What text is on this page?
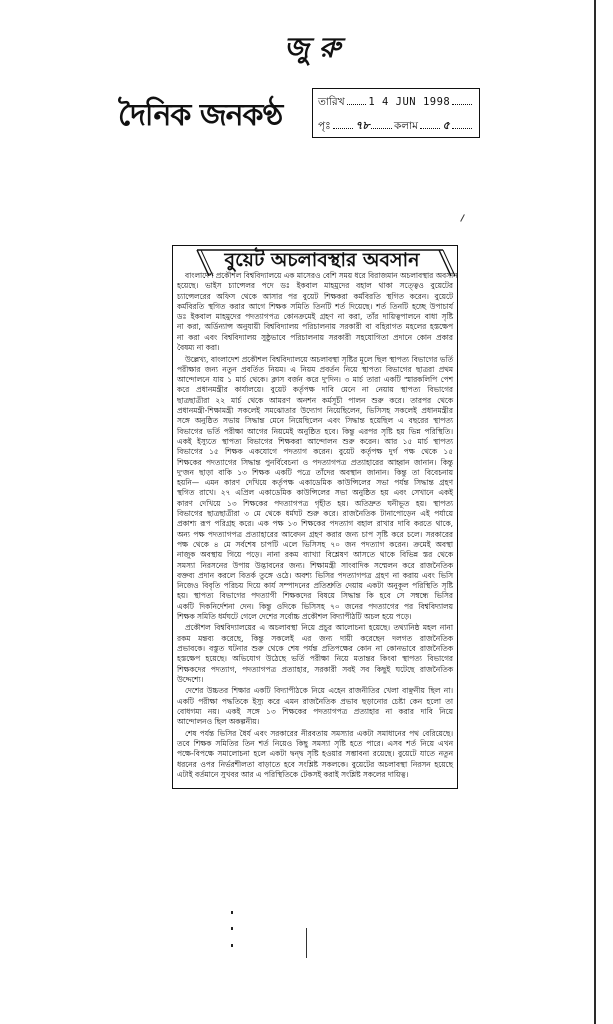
জু রু
দৈনিক জনকণ্ঠ	তারিখ 1 4 JUN 1998
পৃঃ ৭৮ কলাম ৫
বুয়েট অচলাবস্থার অবসান
বাংলাদেশ প্রকৌশল বিশ্ববিদ্যালয়ে এক মাসেরও বেশি সময় ধরে বিরাজমান অচলাবস্থার অবসান
হয়েছে। ভাইস চ্যান্সেলর পদে ডঃ ইকবাল মাহমুদের বহাল থাকা সত্ত্বেও বুয়েটের
চ্যান্সেলরের অফিস থেকে আসার পর বুয়েট শিক্ষকরা কর্মবিরতি স্থগিত করেন। বুয়েটে
কর্মবিরতি স্থগিত করার আগে শিক্ষক সমিতি তিনটি শর্ত দিয়েছে। শর্ত তিনটি হচ্ছে উপাচার্য
ডঃ ইকবাল মাহমুদের পদত্যাগপত্র কোনক্রমেই গ্রহণ না করা, তাঁর দায়িত্বপালনে বাধা সৃষ্টি
না করা, অর্ডিন্যান্স অনুযায়ী বিশ্ববিদ্যালয় পরিচালনায় সরকারী বা বহিরাগত মহলের হস্তক্ষেপ
না করা এবং বিশ্ববিদ্যালয় সুষ্ঠুভাবে পরিচালনায় সরকারী সহযোগিতা প্রদানে কোন প্রকার
বৈষম্য না করা।
উল্লেখ্য, বাংলাদেশ প্রকৌশল বিশ্ববিদ্যালয়ে অচলাবস্থা সৃষ্টির মূলে ছিল স্থাপত্য বিভাগের ভর্তি
পরীক্ষার জন্য নতুন প্রবর্তিত নিয়ম। এ নিয়ম প্রবর্তন নিয়ে স্থাপত্য বিভাগের ছাত্ররা প্রথম
আন্দোলনে যায় ১ মার্চ থেকে। ক্লাস বর্জন করে দু'দিন। ৩ মার্চ তারা একটি স্মারকলিপি পেশ
করে প্রধানমন্ত্রীর কার্যালয়ে। বুয়েট কর্তৃপক্ষ দাবি মেনে না নেয়ায় স্থাপত্য বিভাগের
ছাত্রছাত্রীরা ২২ মার্চ থেকে আমরণ অনশন কর্মসূচী পালন শুরু করে। তারপর থেকে
প্রধানমন্ত্রী-শিক্ষামন্ত্রী সকলেই সমঝোতার উদ্যোগ নিয়েছিলেন, ভিসিসহ সকলেই প্রধানমন্ত্রীর
সঙ্গে অনুষ্ঠিত সভায় সিদ্ধান্ত মেনে নিয়েছিলেন এবং সিদ্ধান্ত হয়েছিল এ বছরের স্থাপত্য
বিভাগের ভর্তি পরীক্ষা আগের নিয়মেই অনুষ্ঠিত হবে। কিন্তু এরপর সৃষ্টি হয় ভিন্ন পরিস্থিতি।
একই ইস্যুতে স্থাপত্য বিভাগের শিক্ষকরা আন্দোলন শুরু করেন। আর ১৫ মার্চ স্থাপত্য
বিভাগের ১৫ শিক্ষক একযোগে পদত্যাগ করেন। বুয়েট কর্তৃপক্ষ দুর্গ পক্ষ থেকে ১৫
শিক্ষকের পদত্যাগের সিদ্ধান্ত পুনর্বিবেচনা ও পদত্যাগপত্র প্রত্যাহারের আহ্বান জানান। কিন্তু
দু'জন ছাড়া বাকি ১৩ শিক্ষক একটি পত্রে তাঁদের অবস্থান জানান। কিন্তু তা বিবেচনায়
হয়নি— এমন কারণ দেখিয়ে কর্তৃপক্ষ একাডেমিক কাউন্সিলের সভা পর্যন্ত সিদ্ধান্ত গ্রহণ
স্থগিত রাখে। ২৭ এপ্রিল একাডেমিক কাউন্সিলের সভা অনুষ্ঠিত হয় এবং সেখানে একই
কারণ দেখিয়ে ১৩ শিক্ষকের পদত্যাগপত্র গৃহীত হয়। অতিদ্রুত ঘনীভূত হয়। স্থাপত্য
বিভাগের ছাত্রছাত্রীরা ৩ মে থেকে ধর্মঘট শুরু করে। রাজনৈতিক টানাপোড়েন এই পর্যায়ে
প্রকাশ্য রূপ পরিগ্রহ করে। এক পক্ষ ১৩ শিক্ষকের পদত্যাগ বহাল রাখার দাবি করতে থাকে,
অন্য পক্ষ পদত্যাগপত্র প্রত্যাহারের আবেদন গ্রহণ করার জন্য চাপ সৃষ্টি করে চলে। সরকারের
পক্ষ থেকে ৪ মে সর্বশেষ চাপটি এলে ভিসিসহ ৭০ জন পদত্যাগ করেন। ক্রমেই অবস্থা
নাজুক অবস্থায় গিয়ে পড়ে। নানা রকম ব্যাখ্যা বিশ্লেষণ আসতে থাকে বিভিন্ন স্তর থেকে
সমস্যা নিরসনের উপায় উদ্ভাবনের জন্য। শিক্ষামন্ত্রী সাংবাদিক সম্মেলন করে রাজনৈতিক
বক্তব্য প্রদান করলে বিতর্ক তুঙ্গে ওঠে। অবশ্য ভিসির পদত্যাগপত্র গ্রহণ না করায় এবং ভিসি
নিজেও বিবৃতি পরিচয় দিয়ে কার্য সম্পাদনের প্রতিশ্রুতি দেয়ায় একটা অনুকূল পরিস্থিতি সৃষ্টি
হয়। স্থাপত্য বিভাগের পদত্যাগী শিক্ষকদের বিষয়ে সিদ্ধান্ত কি হবে সে সম্বন্ধে ভিসির
একটি দিকনির্দেশনা দেন। কিন্তু ওদিকে ভিসিসহ ৭০ জনের পদত্যাগের পর বিশ্ববিদ্যালয়
শিক্ষক সমিতি ধর্মঘটে গেলে দেশের সর্বোচ্চ প্রকৌশল বিদ্যাপীঠটি অচল হয়ে পড়ে।
প্রকৌশল বিশ্ববিদ্যালয়ের এ অচলাবস্থা নিয়ে প্রচুর আলোচনা হয়েছে। তথ্যানিষ্ঠ মহল নানা
রকম মন্তব্য করেছে, কিন্তু সকলেই এর জন্য দায়ী করেছেন দলগত রাজনৈতিক
প্রভাবকে। বস্তুত ঘটনার শুরু থেকে শেষ পর্যন্ত প্রতিপক্ষের কোন না কোনভাবে রাজনৈতিক
হস্তক্ষেপ হয়েছে। অভিযোগ উঠেছে ভর্তি পরীক্ষা নিয়ে মতান্তর কিংবা স্থাপত্য বিভাগের
শিক্ষকদের পদত্যাগ, পদত্যাগপত্র প্রত্যাহার, সরকারী সবই সব কিছুই ঘটেছে রাজনৈতিক
উদ্দেশ্যে।
দেশের উচ্চতর শিক্ষার একটি বিদ্যাপীঠকে নিয়ে এহেন রাজনীতির খেলা বাঞ্ছনীয় ছিল না।
একটি পরীক্ষা পদ্ধতিকে ইস্যু করে এমন রাজনৈতিক প্রভাব ছড়ানোর চেষ্টা কেন হলো তা
বোধগম্য নয়। একই সঙ্গে ১৩ শিক্ষকের পদত্যাগপত্র প্রত্যাহার না করার দাবি নিয়ে
আন্দোলনও ছিল অকল্পনীয়।
শেষ পর্যন্ত ভিসির ধৈর্য এবং সরকারের নীরবতায় সমস্যার একটা সমাধানের পথ বেরিয়েছে।
তবে শিক্ষক সমিতির তিন শর্ত নিয়েও কিছু সমস্যা সৃষ্টি হতে পারে। এসব শর্ত নিয়ে এখন
পক্ষে-বিপক্ষে সমালোচনা হলে একটা দ্বন্দ্ব সৃষ্টি হওয়ার সম্ভাবনা রয়েছে। বুয়েটে যাতে নতুন
ধরনের ওপর নির্ভরশীলতা বাড়াতে হবে সংশ্লিষ্ট সকলকে। বুয়েটের অচলাবস্থা নিরসন হয়েছে
এটাই বর্তমানে সুখবর আর এ পরিস্থিতিকে টেকসই করাই সংশ্লিষ্ট সকলের দায়িত্ব।
